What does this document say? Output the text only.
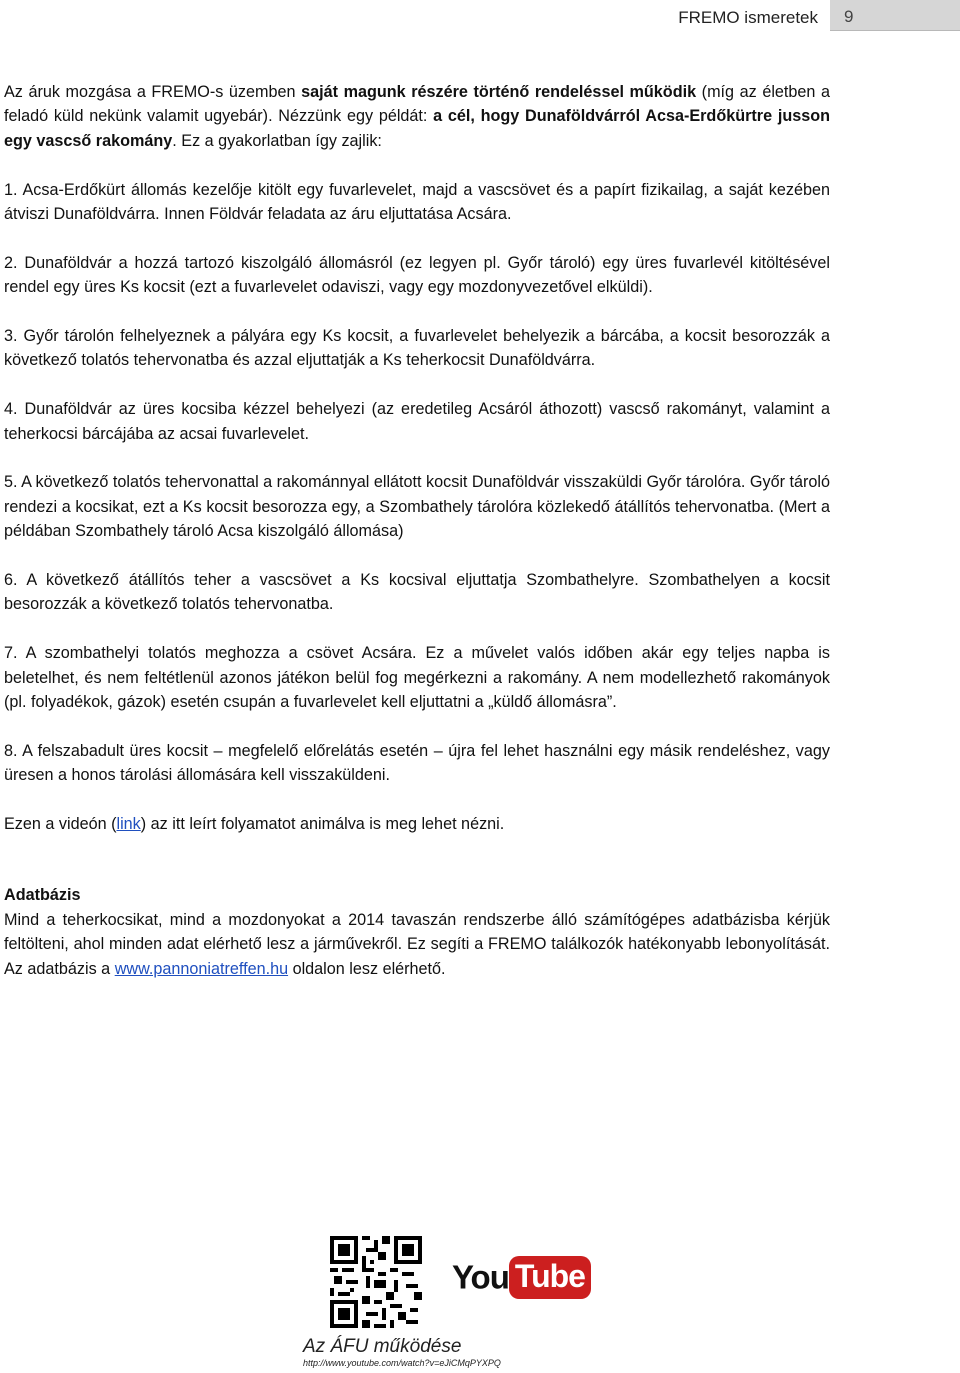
FREMO ismeretek 9

Az áruk mozgása a FREMO-s üzemben saját magunk részére történő rendeléssel működik (míg az életben a feladó küld nekünk valamit ugyebár). Nézzünk egy példát: a cél, hogy Dunaföldvárról Acsa-Erdőkürtre jusson egy vascső rakomány. Ez a gyakorlatban így zajlik:

1. Acsa-Erdőkürt állomás kezelője kitölt egy fuvarlevelet, majd a vascsövet és a papírt fizikailag, a saját kezében átviszi Dunaföldvárra. Innen Földvár feladata az áru eljuttatása Acsára.

2. Dunaföldvár a hozzá tartozó kiszolgáló állomásról (ez legyen pl. Győr tároló) egy üres fuvarlevél kitöltésével rendel egy üres Ks kocsit (ezt a fuvarlevelet odaviszi, vagy egy mozdonyvezetővel elküldi).

3. Győr tárolón felhelyeznek a pályára egy Ks kocsit, a fuvarlevelet behelyezik a bárcába, a kocsit besorozzák a következő tolatós tehervonatba és azzal eljuttatják a Ks teherkocsit Dunaföldvárra.

4. Dunaföldvár az üres kocsiba kézzel behelyezi (az eredetileg Acsáról áthozott) vascső rakományt, valamint a teherkocsi bárcájába az acsai fuvarlevelet.

5. A következő tolatós tehervonattal a rakománnyal ellátott kocsit Dunaföldvár visszaküldi Győr tárolóra. Győr tároló rendezi a kocsikat, ezt a Ks kocsit besorozza egy, a Szombathely tárolóra közlekedő átállítós tehervonatba. (Mert a példában Szombathely tároló Acsa kiszolgáló állomása)

6. A következő átállítós teher a vascsövet a Ks kocsival eljuttatja Szombathelyre. Szombathelyen a kocsit besorozzák a következő tolatós tehervonatba.

7. A szombathelyi tolatós meghozza a csövet Acsára. Ez a művelet valós időben akár egy teljes napba is beletelhet, és nem feltétlenül azonos játékon belül fog megérkezni a rakomány. A nem modellezhető rakományok (pl. folyadékok, gázok) esetén csupán a fuvarlevelet kell eljuttatni a „küldő állomásra”.

8. A felszabadult üres kocsit – megfelelő előrelátás esetén – újra fel lehet használni egy másik rendeléshez, vagy üresen a honos tárolási állomására kell visszaküldeni.

Ezen a videón (link) az itt leírt folyamatot animálva is meg lehet nézni.

Adatbázis
Mind a teherkocsikat, mind a mozdonyokat a 2014 tavaszán rendszerbe álló számítógépes adatbázisba kérjük feltölteni, ahol minden adat elérhető lesz a járművekről. Ez segíti a FREMO találkozók hatékonyabb lebonyolítását. Az adatbázis a www.pannoniatreffen.hu oldalon lesz elérhető.
You Tube
Az ÁFU működése
http://www.youtube.com/watch?v=eJiCMqPYXPQ
